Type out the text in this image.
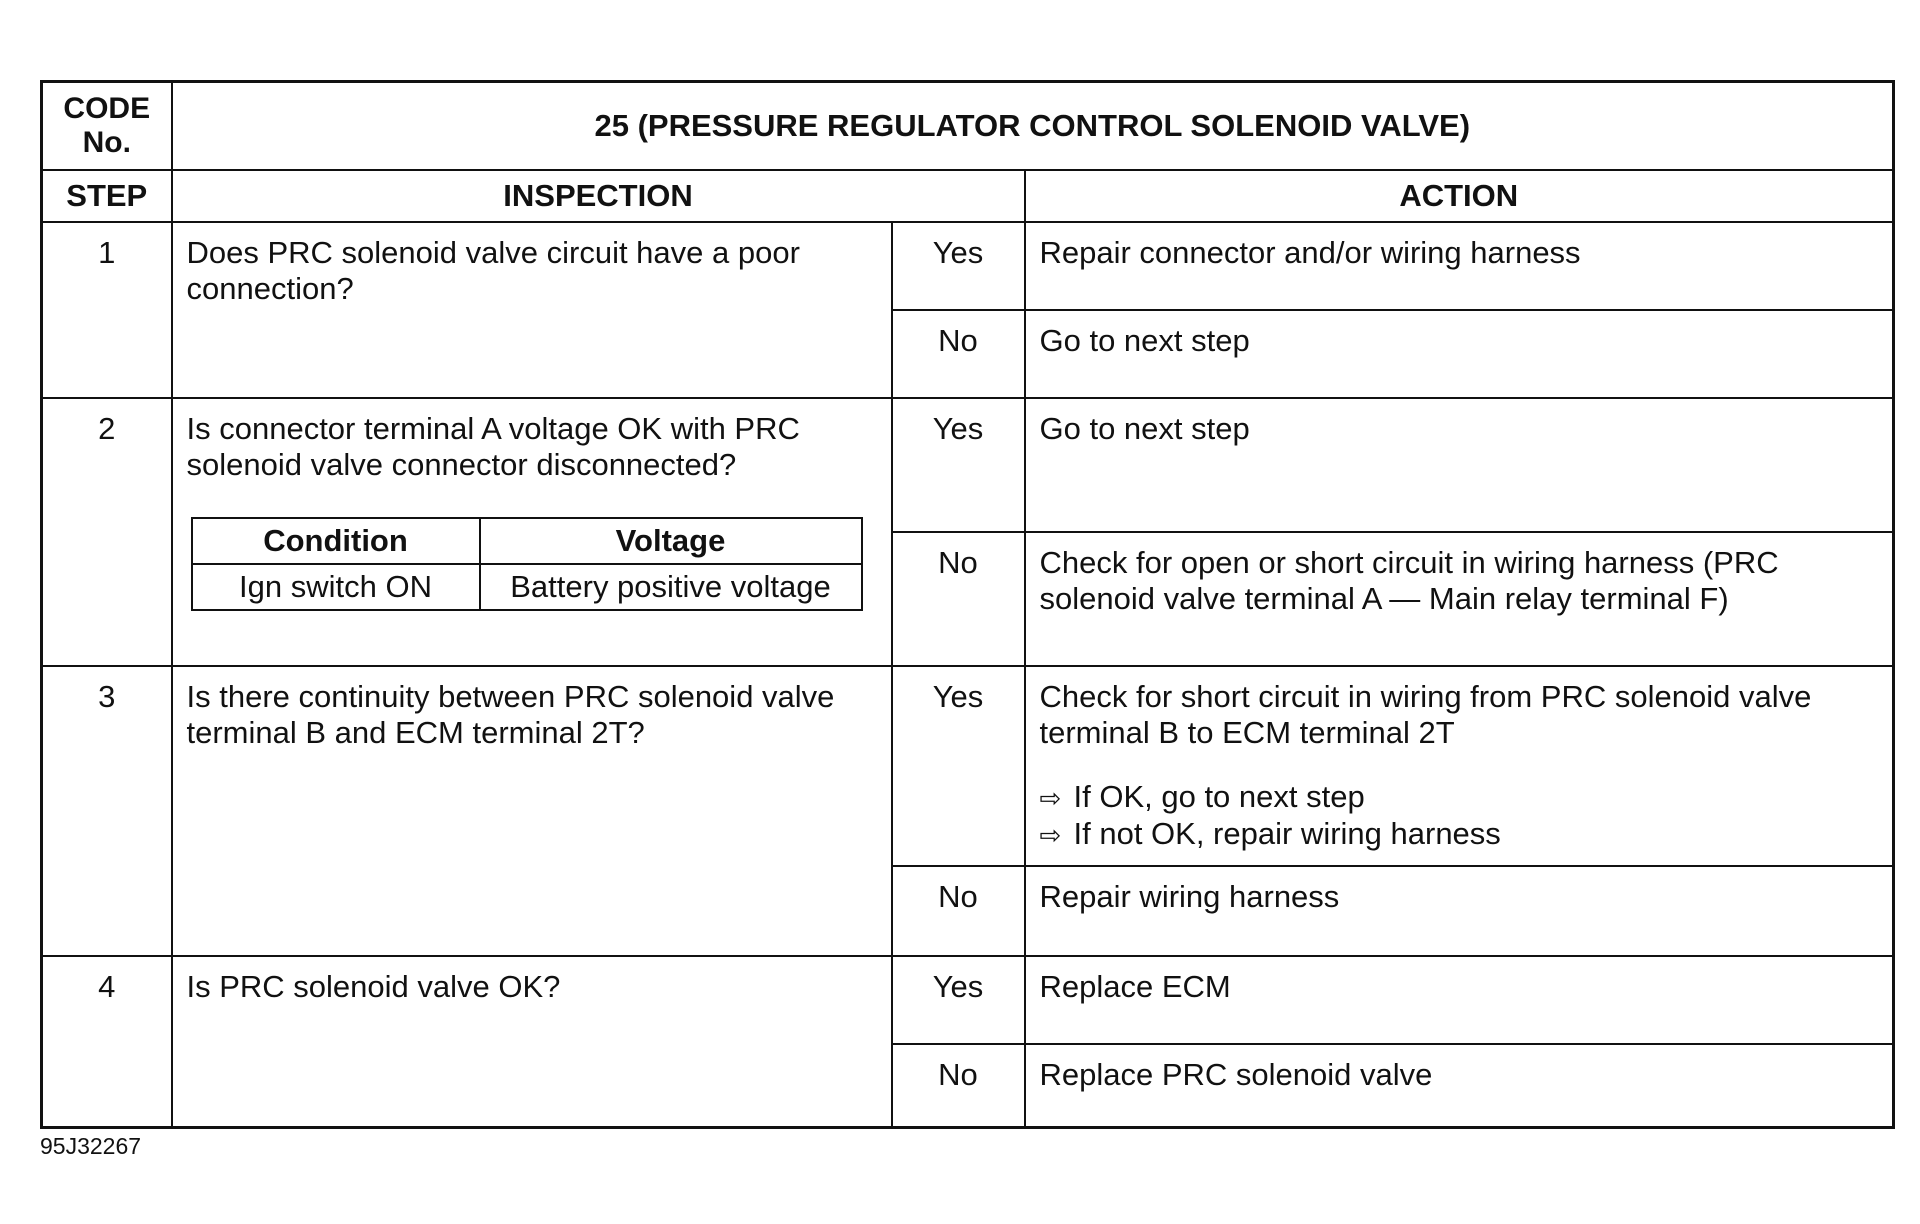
CODE No.	25 (PRESSURE REGULATOR CONTROL SOLENOID VALVE)
STEP	INSPECTION	ACTION
1	Does PRC solenoid valve circuit have a poor connection?	Yes	Repair connector and/or wiring harness
No	Go to next step
2	Is connector terminal A voltage OK with PRC solenoid valve connector disconnected?
Condition	Voltage
Ign switch ON	Battery positive voltage
	Yes	Go to next step
No	Check for open or short circuit in wiring harness (PRC solenoid valve terminal A — Main relay terminal F)
3	Is there continuity between PRC solenoid valve terminal B and ECM terminal 2T?	Yes	Check for short circuit in wiring from PRC solenoid valve terminal B to ECM terminal 2T
⇨ If OK, go to next step
⇨ If not OK, repair wiring harness

No	Repair wiring harness
4	Is PRC solenoid valve OK?	Yes	Replace ECM
No	Replace PRC solenoid valve
95J32267
